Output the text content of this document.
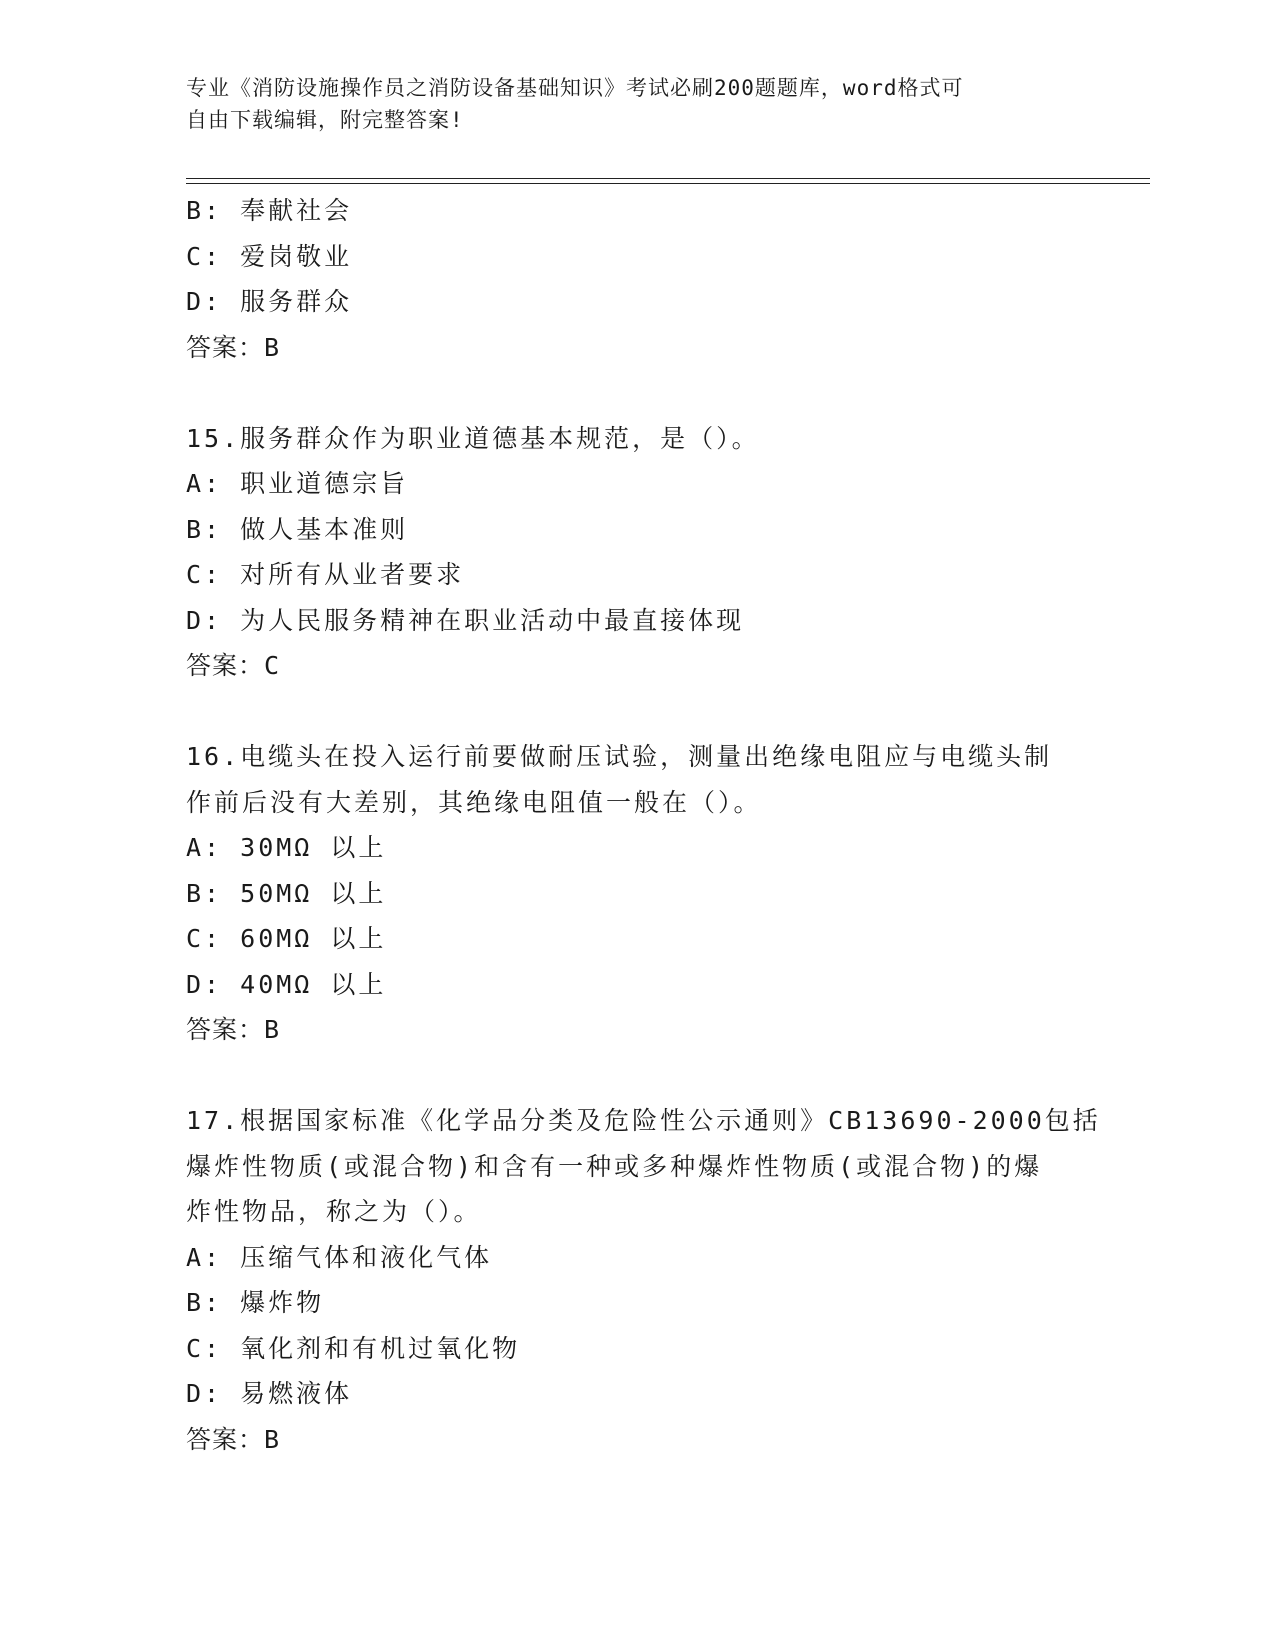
专业《消防设施操作员之消防设备基础知识》考试必刷200题题库，word格式可
自由下载编辑，附完整答案!
B: 奉献社会
C: 爱岗敬业
D: 服务群众
答案：B
15.服务群众作为职业道德基本规范，是（）。
A: 职业道德宗旨
B: 做人基本准则
C: 对所有从业者要求
D: 为人民服务精神在职业活动中最直接体现
答案：C
16.电缆头在投入运行前要做耐压试验，测量出绝缘电阻应与电缆头制
作前后没有大差别，其绝缘电阻值一般在（）。
A: 30MΩ 以上
B: 50MΩ 以上
C: 60MΩ 以上
D: 40MΩ 以上
答案：B
17.根据国家标准《化学品分类及危险性公示通则》CB13690-2000包括
爆炸性物质(或混合物)和含有一种或多种爆炸性物质(或混合物)的爆
炸性物品，称之为（）。
A: 压缩气体和液化气体
B: 爆炸物
C: 氧化剂和有机过氧化物
D: 易燃液体
答案：B
